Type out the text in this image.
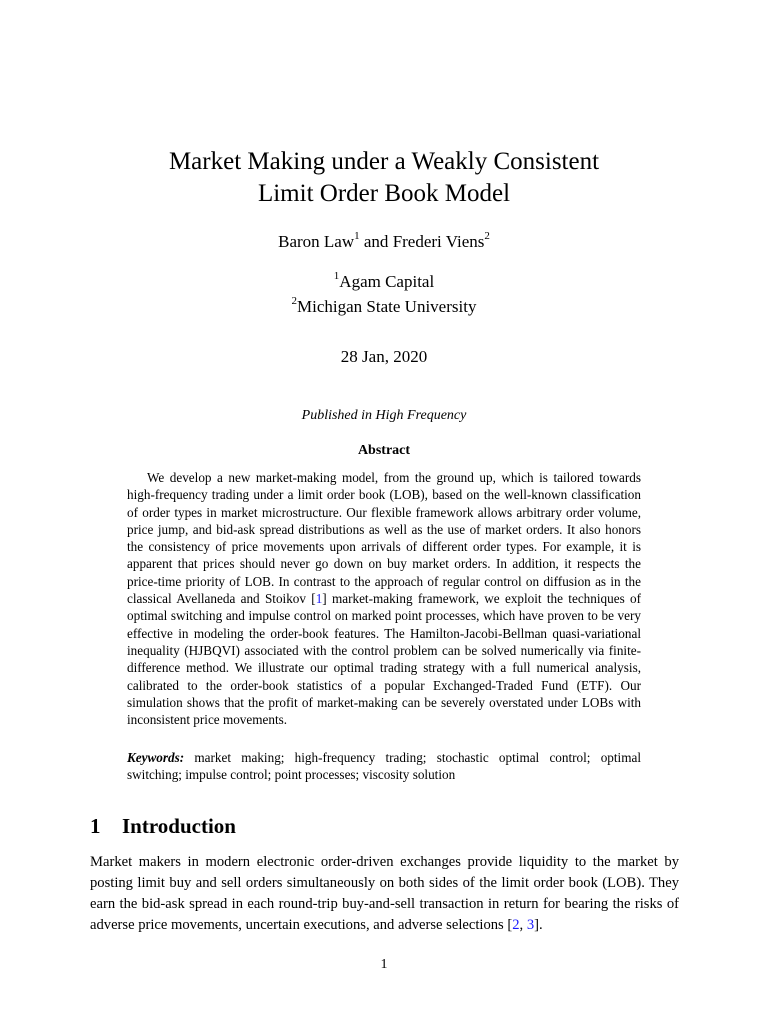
Market Making under a Weakly Consistent
Limit Order Book Model
Baron Law$^1$ and Frederi Viens$^2$
$^1$Agam Capital
$^2$Michigan State University
28 Jan, 2020
Published in High Frequency
Abstract

We develop a new market-making model, from the ground up, which is tailored towards high-frequency trading under a limit order book (LOB), based on the well-known classification of order types in market microstructure. Our flexible framework allows arbitrary order volume, price jump, and bid-ask spread distributions as well as the use of market orders. It also honors the consistency of price movements upon arrivals of different order types. For example, it is apparent that prices should never go down on buy market orders. In addition, it respects the price-time priority of LOB. In contrast to the approach of regular control on diffusion as in the classical Avellaneda and Stoikov [1] market-making framework, we exploit the techniques of optimal switching and impulse control on marked point processes, which have proven to be very effective in modeling the order-book features. The Hamilton-Jacobi-Bellman quasi-variational inequality (HJBQVI) associated with the control problem can be solved numerically via finite-difference method. We illustrate our optimal trading strategy with a full numerical analysis, calibrated to the order-book statistics of a popular Exchanged-Traded Fund (ETF). Our simulation shows that the profit of market-making can be severely overstated under LOBs with inconsistent price movements.

Keywords: market making; high-frequency trading; stochastic optimal control; optimal switching; impulse control; point processes; viscosity solution

1 Introduction

Market makers in modern electronic order-driven exchanges provide liquidity to the market by posting limit buy and sell orders simultaneously on both sides of the limit order book (LOB). They earn the bid-ask spread in each round-trip buy-and-sell transaction in return for bearing the risks of adverse price movements, uncertain executions, and adverse selections [2, 3].

1
